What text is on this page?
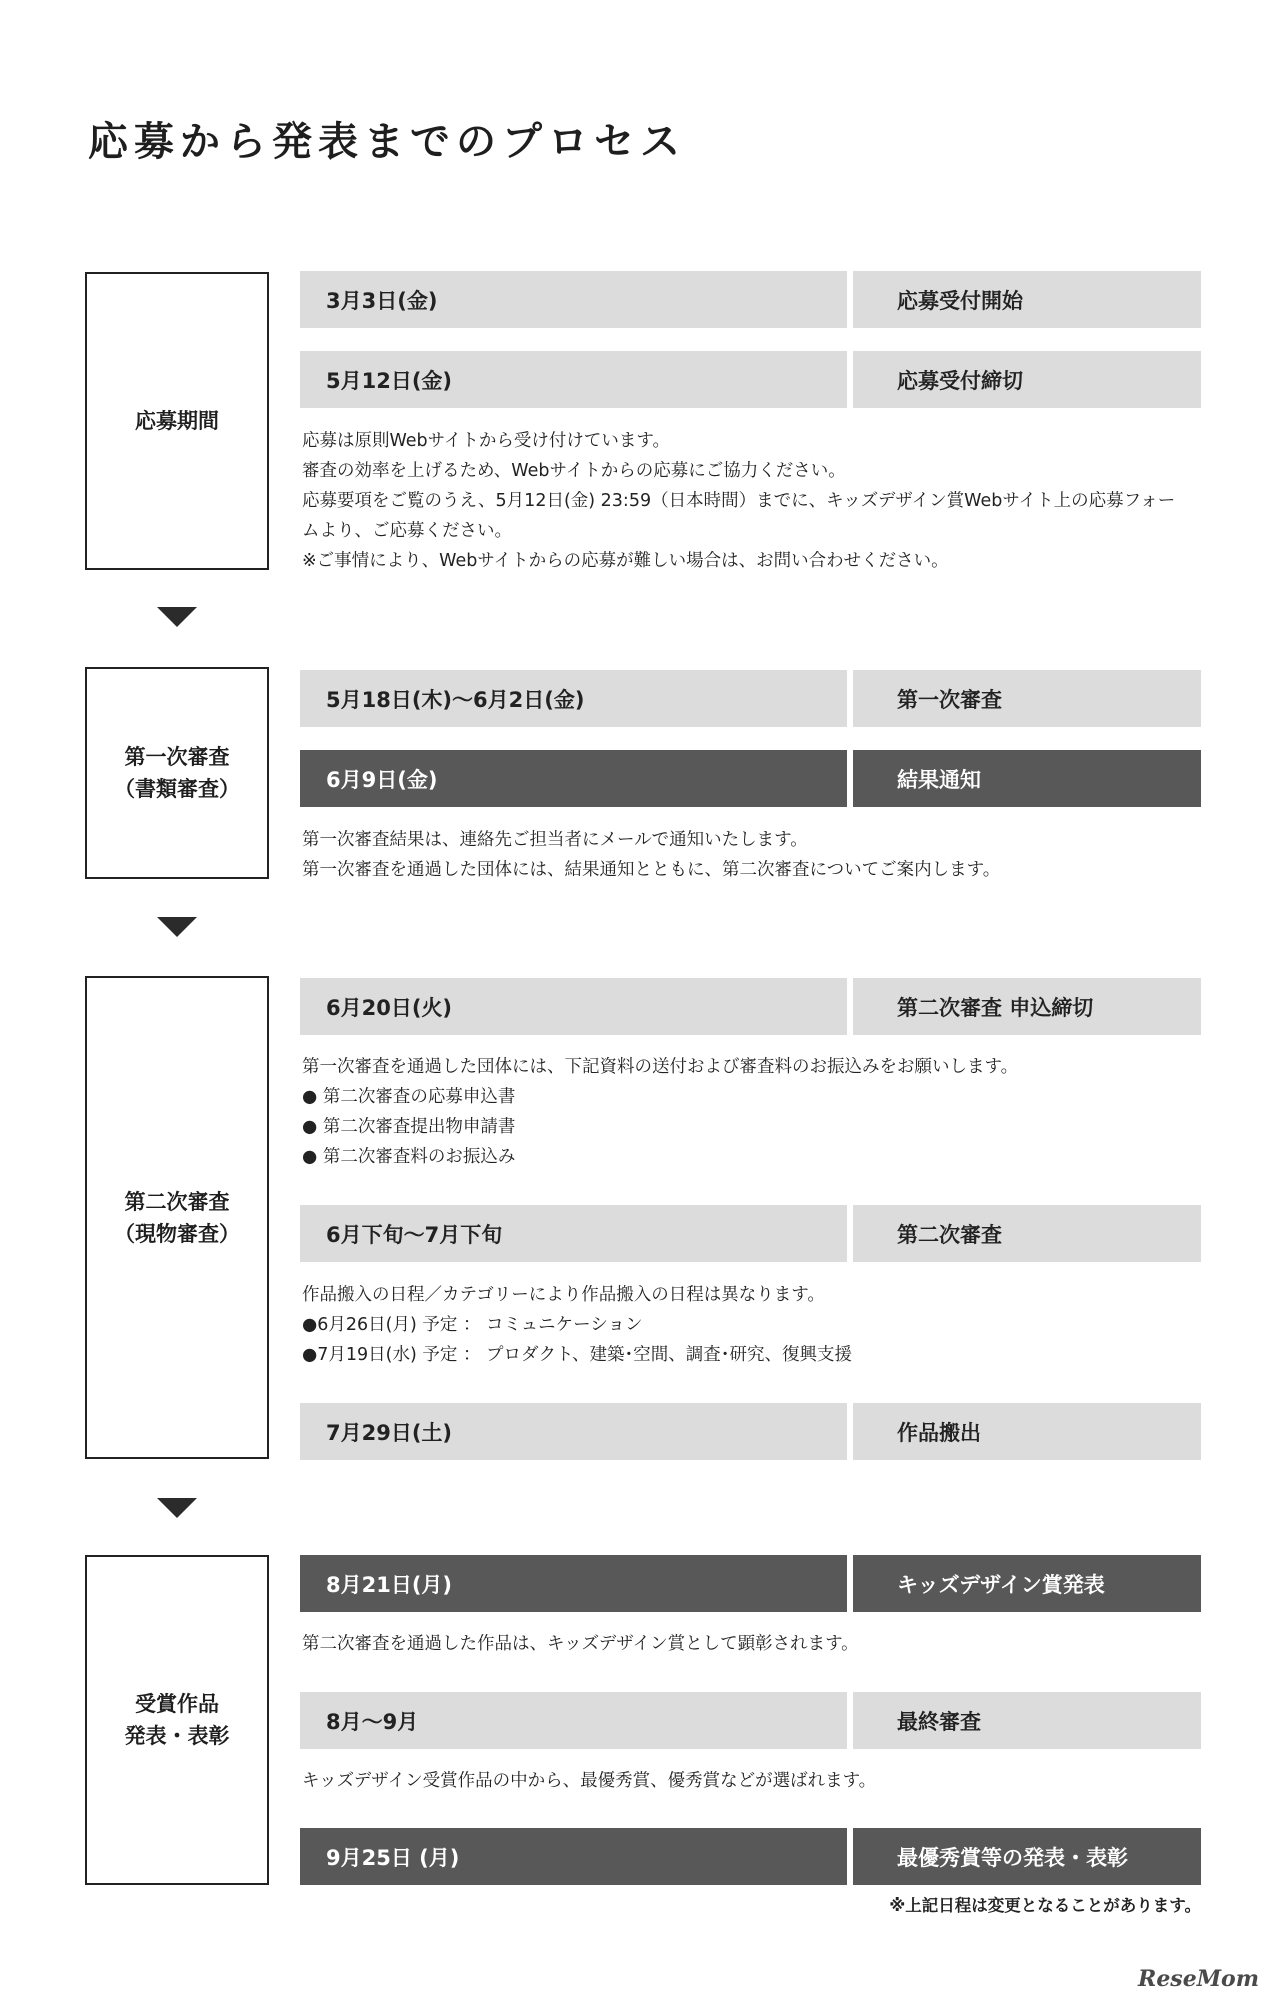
応募から発表までのプロセス
応募期間
3月3日(金)	応募受付開始
5月12日(金)	応募受付締切
応募は原則Webサイトから受け付けています。
審査の効率を上げるため、Webサイトからの応募にご協力ください。
応募要項をご覧のうえ、5月12日(金) 23:59（日本時間）までに、キッズデザイン賞Webサイト上の応募フォー
ムより、ご応募ください。
※ご事情により、Webサイトからの応募が難しい場合は、お問い合わせください。
第一次審査
（書類審査）
5月18日(木)〜6月2日(金)	第一次審査
6月9日(金)	結果通知
第一次審査結果は、連絡先ご担当者にメールで通知いたします。
第一次審査を通過した団体には、結果通知とともに、第二次審査についてご案内します。
第二次審査
（現物審査）
6月20日(火)	第二次審査 申込締切
第一次審査を通過した団体には、下記資料の送付および審査料のお振込みをお願いします。
● 第二次審査の応募申込書
● 第二次審査提出物申請書
● 第二次審査料のお振込み
6月下旬〜7月下旬	第二次審査
作品搬入の日程／カテゴリーにより作品搬入の日程は異なります。
●6月26日(月) 予定 ： コミュニケーション
●7月19日(水) 予定 ： プロダクト、建築･空間、調査･研究、復興支援
7月29日(土)	作品搬出
受賞作品
発表・表彰
8月21日(月)	キッズデザイン賞発表
第二次審査を通過した作品は、キッズデザイン賞として顕彰されます。
8月〜9月	最終審査
キッズデザイン受賞作品の中から、最優秀賞、優秀賞などが選ばれます。
9月25日 (月)	最優秀賞等の発表・表彰
※上記日程は変更となることがあります。
ReseMom
